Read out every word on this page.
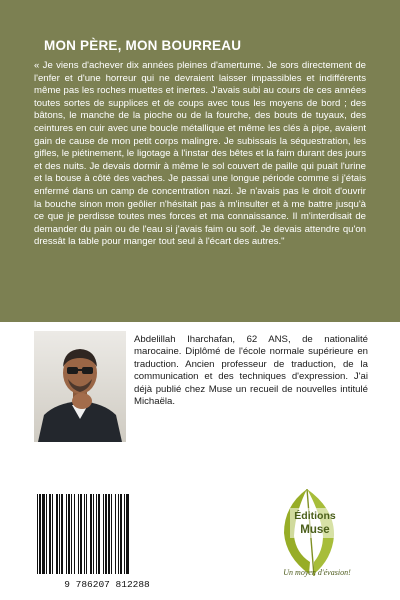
MON PÈRE, MON BOURREAU
« Je viens d'achever dix années pleines d'amertume. Je sors directement de l'enfer et d'une horreur qui ne devraient laisser impassibles et indifférents même pas les roches muettes et inertes. J'avais subi au cours de ces années toutes sortes de supplices et de coups avec tous les moyens de bord ; des bâtons, le manche de la pioche ou de la fourche, des bouts de tuyaux, des ceintures en cuir avec une boucle métallique et même les clés à pipe, avaient gain de cause de mon petit corps malingre. Je subissais la séquestration, les gifles, le piétinement, le ligotage à l'instar des bêtes et la faim durant des jours et des nuits. Je devais dormir à même le sol couvert de paille qui puait l'urine et la bouse à côté des vaches. Je passai une longue période comme si j'étais enfermé dans un camp de concentration nazi. Je n'avais pas le droit d'ouvrir la bouche sinon mon geôlier n'hésitait pas à m'insulter et à me battre jusqu'à ce que je perdisse toutes mes forces et ma connaissance. Il m'interdisait de demander du pain ou de l'eau si j'avais faim ou soif. Je devais attendre qu'on dressât la table pour manger tout seul à l'écart des autres."
Abdelillah Iharchafan, 62 ANS, de nationalité marocaine. Diplômé de l'école normale supérieure en traduction. Ancien professeur de traduction, de la communication et des techniques d'expression. J'ai déjà publié chez Muse un recueil de nouvelles intitulé Michaëla.
9 786207 812288
Éditions
Muse
Un moyen d'évasion!
